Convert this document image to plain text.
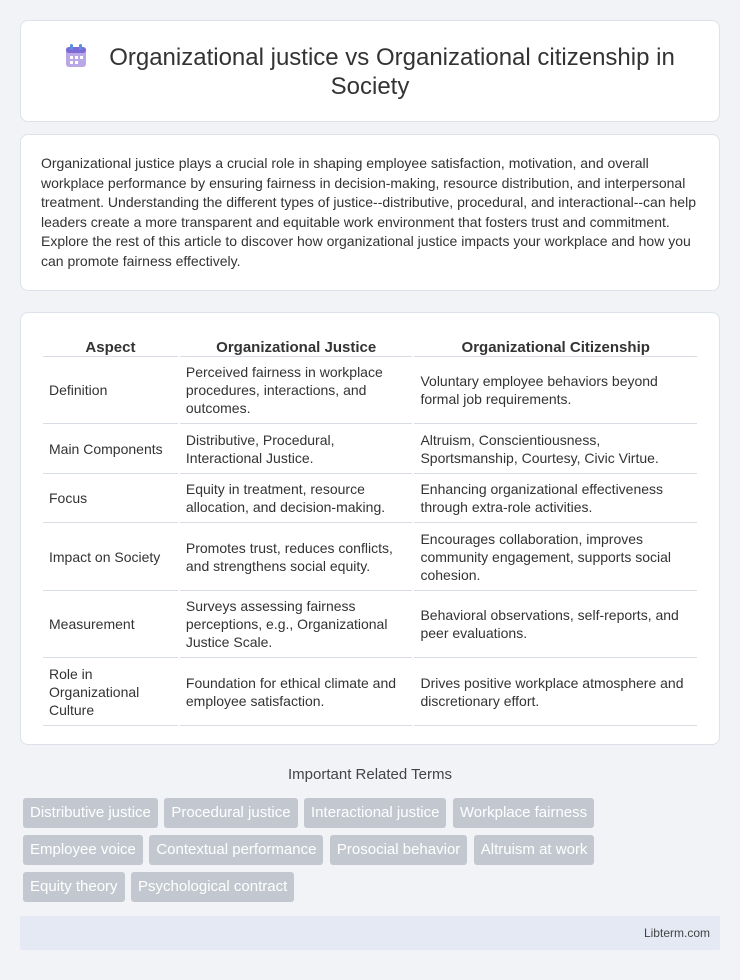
Organizational justice vs Organizational citizenship in Society

Organizational justice plays a crucial role in shaping employee satisfaction, motivation, and overall workplace performance by ensuring fairness in decision-making, resource distribution, and interpersonal treatment. Understanding the different types of justice--distributive, procedural, and interactional--can help leaders create a more transparent and equitable work environment that fosters trust and commitment. Explore the rest of this article to discover how organizational justice impacts your workplace and how you can promote fairness effectively.

Aspect	Organizational Justice	Organizational Citizenship
Definition	Perceived fairness in workplace procedures, interactions, and outcomes.	Voluntary employee behaviors beyond formal job requirements.
Main Components	Distributive, Procedural, Interactional Justice.	Altruism, Conscientiousness, Sportsmanship, Courtesy, Civic Virtue.
Focus	Equity in treatment, resource allocation, and decision-making.	Enhancing organizational effectiveness through extra-role activities.
Impact on Society	Promotes trust, reduces conflicts, and strengthens social equity.	Encourages collaboration, improves community engagement, supports social cohesion.
Measurement	Surveys assessing fairness perceptions, e.g., Organizational Justice Scale.	Behavioral observations, self-reports, and peer evaluations.
Role in Organizational Culture	Foundation for ethical climate and employee satisfaction.	Drives positive workplace atmosphere and discretionary effort.
Important Related Terms
Distributive justice Procedural justice Interactional justice Workplace fairness Employee voice Contextual performance Prosocial behavior Altruism at work Equity theory Psychological contract
Libterm.com
